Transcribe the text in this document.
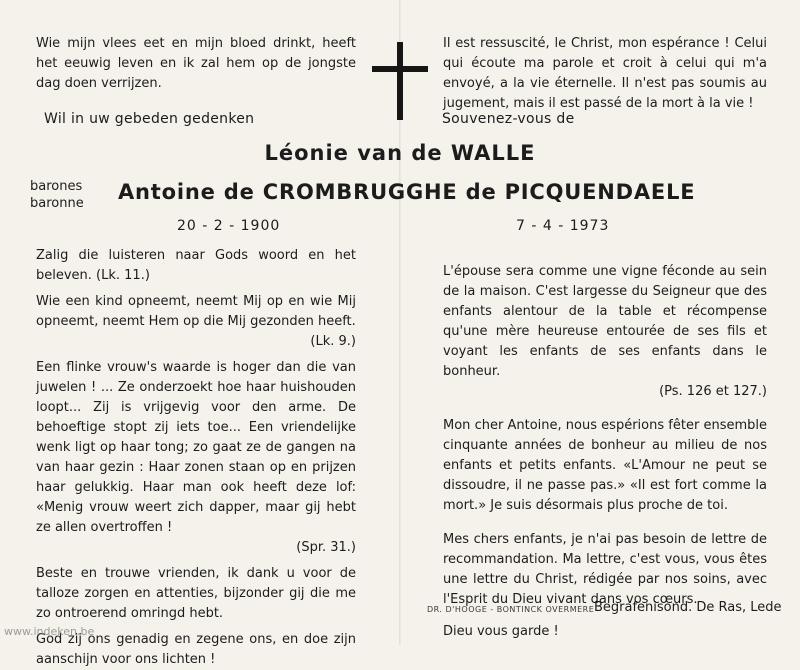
Wie mijn vlees eet en mijn bloed drinkt, heeft het eeuwig leven en ik zal hem op de jongste dag doen verrijzen.

Wil in uw gebeden gedenken

Il est ressuscité, le Christ, mon espérance ! Celui qui écoute ma parole et croit à celui qui m'a envoyé, a la vie éternelle. Il n'est pas soumis au jugement, mais il est passé de la mort à la vie !

Souvenez-vous de
Léonie van de WALLE
barones
baronne Antoine de CROMBRUGGHE de PICQUENDAELE
20 - 2 - 1900	7 - 4 - 1973

Zalig die luisteren naar Gods woord en het beleven. (Lk. 11.)

Wie een kind opneemt, neemt Mij op en wie Mij opneemt, neemt Hem op die Mij gezonden heeft.

(Lk. 9.)

Een flinke vrouw's waarde is hoger dan die van juwelen ! ... Ze onderzoekt hoe haar huishouden loopt... Zij is vrijgevig voor den arme. De behoeftige stopt zij iets toe... Een vriendelijke wenk ligt op haar tong; zo gaat ze de gangen na van haar gezin : Haar zonen staan op en prijzen haar gelukkig. Haar man ook heeft deze lof: «Menig vrouw weert zich dapper, maar gij hebt ze allen overtroffen !

(Spr. 31.)

Beste en trouwe vrienden, ik dank u voor de talloze zorgen en attenties, bijzonder gij die me zo ontroerend omringd hebt.

God zij ons genadig en zegene ons, en doe zijn aanschijn voor ons lichten !

L'épouse sera comme une vigne féconde au sein de la maison. C'est largesse du Seigneur que des enfants alentour de la table et récompense qu'une mère heureuse entourée de ses fils et voyant les enfants de ses enfants dans le bonheur.

(Ps. 126 et 127.)

Mon cher Antoine, nous espérions fêter ensemble cinquante années de bonheur au milieu de nos enfants et petits enfants. «L'Amour ne peut se dissoudre, il ne passe pas.» «Il est fort comme la mort.» Je suis désormais plus proche de toi.

Mes chers enfants, je n'ai pas besoin de lettre de recommandation. Ma lettre, c'est vous, vous êtes une lettre du Christ, rédigée par nos soins, avec l'Esprit du Dieu vivant dans vos cœurs.

Dieu vous garde !

DR. D'HOOGE - BONTINCK OVERMERE Begrafenisond. De Ras, Lede
www.indeken.be
